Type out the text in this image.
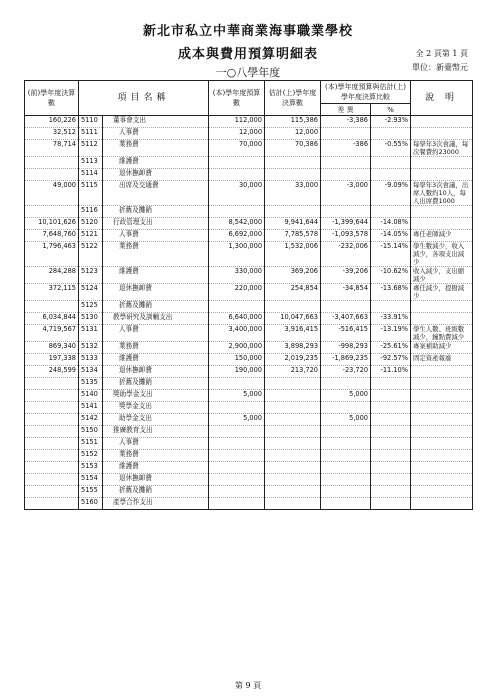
新北市私立中華商業海事職業學校
成本與費用預算明細表
一○八學年度
全 2 頁第 1 頁
單位：新臺幣元
(前)學年度決算數	項目名稱		(本)學年度預算數	估計(上)學年度決算數	(本)學年度預算與估計(上)學年度決算比較		說 明
					差 異	%	
160,226	5110	董事會支出	112,000	115,386	-3,386	-2.93%	
32,512	5111	人事費	12,000	12,000			
78,714	5112	業務費	70,000	70,386	-386	-0.55%	每學年3次會議，每次餐費約23000
	5113	維護費					
	5114	退休撫卹費					
49,000	5115	出席及交通費	30,000	33,000	-3,000	-9.09%	每學年3次會議，出席人數約10人，每人出席費1000
	5116	折舊及攤銷					
10,101,626	5120	行政管理支出	8,542,000	9,941,644	-1,399,644	-14.08%	
7,648,760	5121	人事費	6,692,000	7,785,578	-1,093,578	-14.05%	專任老師減少
1,796,463	5122	業務費	1,300,000	1,532,006	-232,006	-15.14%	學生數減少，收入減少，各項支出減少
284,288	5123	維護費	330,000	369,206	-39,206	-10.62%	收入減少，支出縮減少
372,115	5124	退休撫卹費	220,000	254,854	-34,854	-13.68%	專任減少，提撥減少
	5125	折舊及攤銷					
6,034,844	5130	教學研究及訓輔支出	6,640,000	10,047,663	-3,407,663	-33.91%	
4,719,567	5131	人事費	3,400,000	3,916,415	-516,415	-13.19%	學生人數、班級數減少，鐘點費減少
869,340	5132	業務費	2,900,000	3,898,293	-998,293	-25.61%	專案補助減少
197,338	5133	維護費	150,000	2,019,235	-1,869,235	-92.57%	固定資產報廢
248,599	5134	退休撫卹費	190,000	213,720	-23,720	-11.10%	
	5135	折舊及攤銷					
	5140	獎助學金支出	5,000		5,000		
	5141	獎學金支出					
	5142	助學金支出	5,000		5,000		
	5150	推廣教育支出					
	5151	人事費					
	5152	業務費					
	5153	維護費					
	5154	退休撫卹費					
	5155	折舊及攤銷					
	5160	產學合作支出					
第 9 頁
